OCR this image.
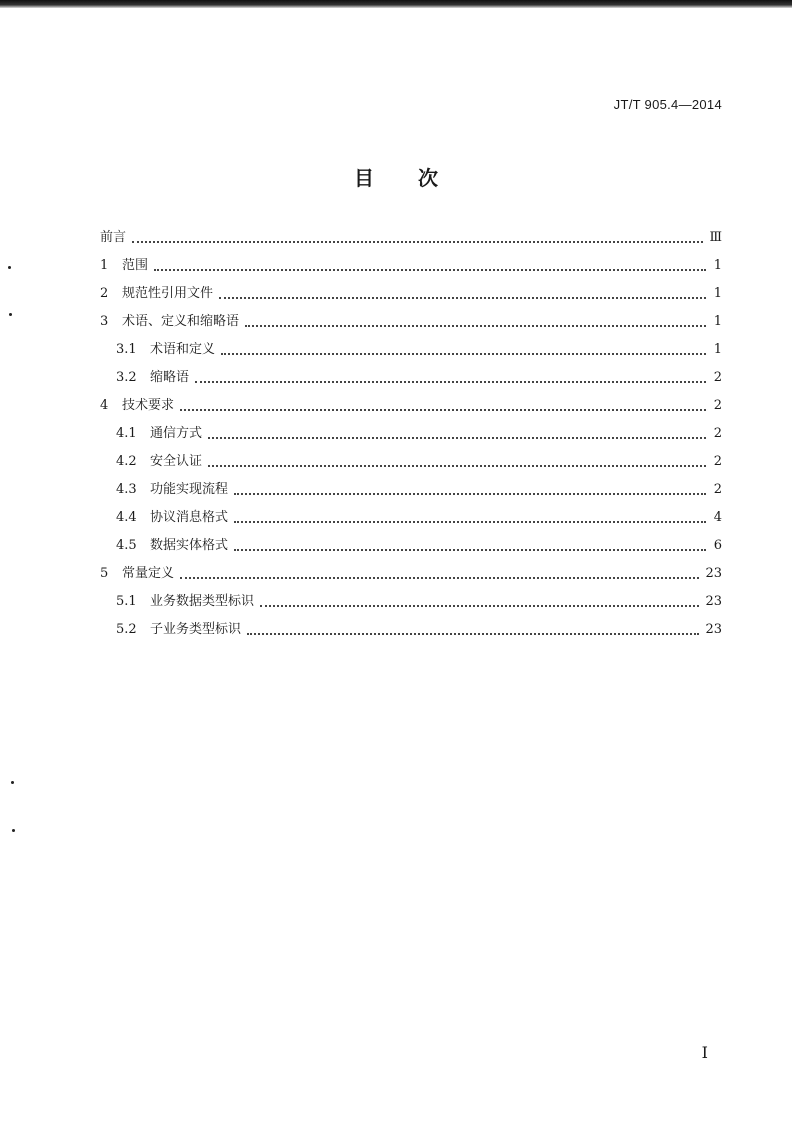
JT/T 905.4—2014
目次
前言	Ⅲ
1	范围	1
2	规范性引用文件	1
3	术语、定义和缩略语	1
3.1	术语和定义	1
3.2	缩略语	2
4	技术要求	2
4.1	通信方式	2
4.2	安全认证	2
4.3	功能实现流程	2
4.4	协议消息格式	4
4.5	数据实体格式	6
5	常量定义	23
5.1	业务数据类型标识	23
5.2	子业务类型标识	23
I
